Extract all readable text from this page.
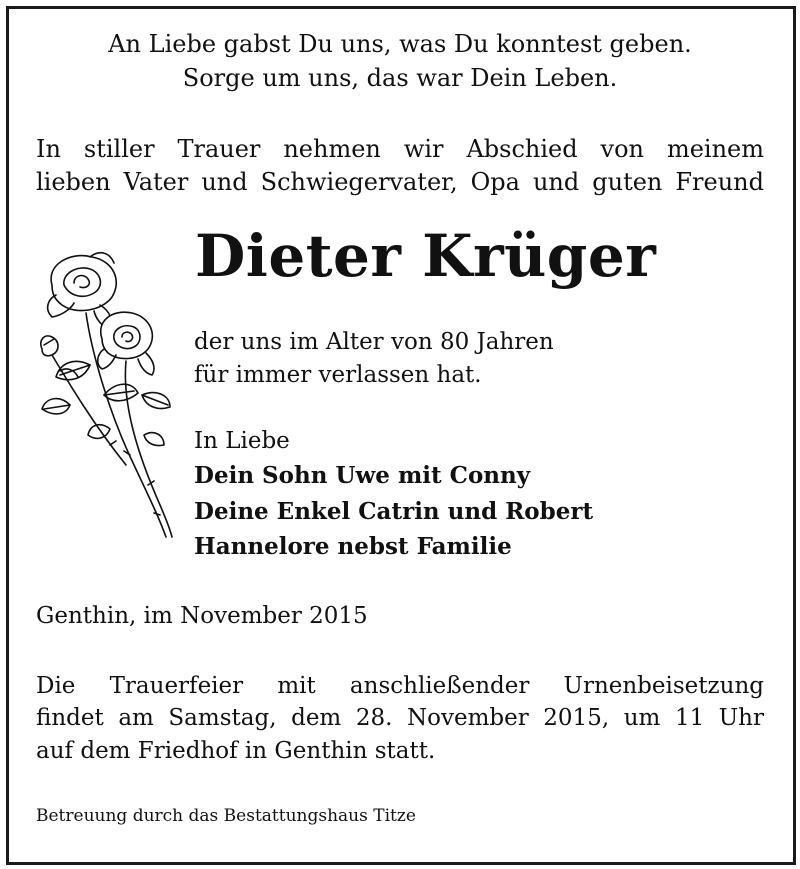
An Liebe gabst Du uns, was Du konntest geben.
Sorge um uns, das war Dein Leben.
In stiller Trauer nehmen wir Abschied von meinem
lieben Vater und Schwiegervater, Opa und guten Freund
Dieter Krüger
der uns im Alter von 80 Jahren
für immer verlassen hat.
In Liebe
Dein Sohn Uwe mit Conny
Deine Enkel Catrin und Robert
Hannelore nebst Familie
Genthin, im November 2015
Die Trauerfeier mit anschließender Urnenbeisetzung
findet am Samstag, dem 28. November 2015, um 11 Uhr
auf dem Friedhof in Genthin statt.
Betreuung durch das Bestattungshaus Titze
